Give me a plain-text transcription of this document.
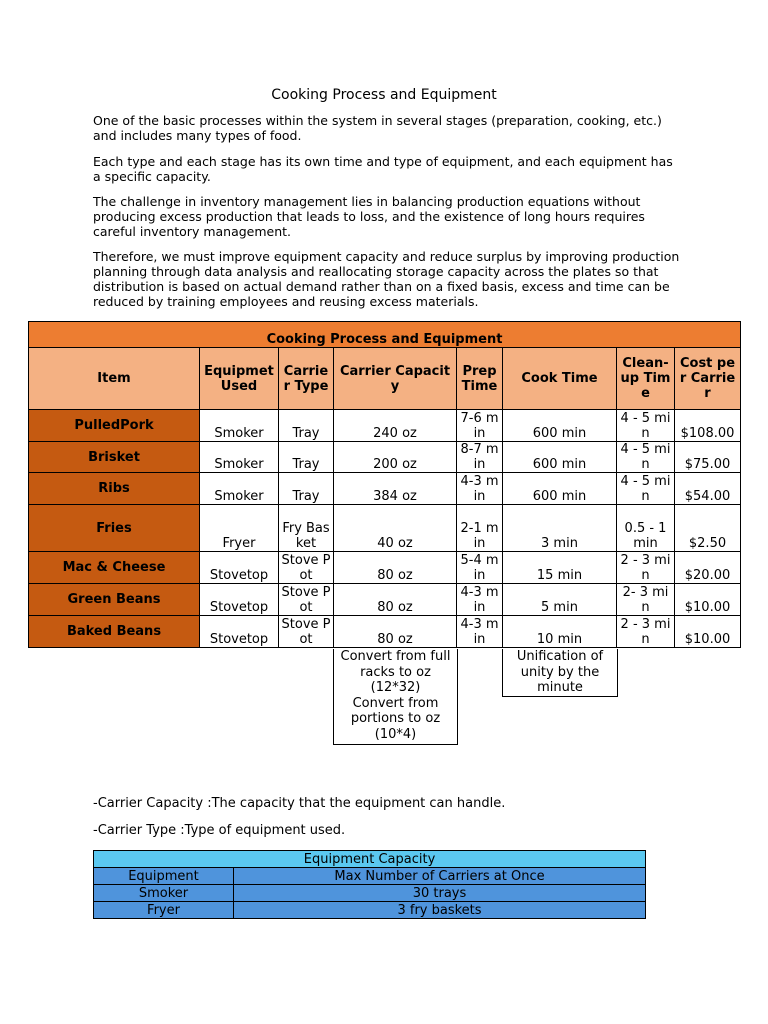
Cooking Process and Equipment

One of the basic processes within the system in several stages (preparation, cooking, etc.) and includes many types of food.

Each type and each stage has its own time and type of equipment, and each equipment has a specific capacity.

The challenge in inventory management lies in balancing production equations without producing excess production that leads to loss, and the existence of long hours requires careful inventory management.

Therefore, we must improve equipment capacity and reduce surplus by improving production planning through data analysis and reallocating storage capacity across the plates so that distribution is based on actual demand rather than on a fixed basis, excess and time can be reduced by training employees and reusing excess materials.

Cooking Process and Equipment							
Item	Equipmet Used	Carrier Type	Carrier Capacity	Prep Time	Cook Time	Clean-up Time	Cost per Carrier
PulledPork	Smoker	Tray	240 oz	7-6 min	600 min	4 - 5 min	$108.00
Brisket	Smoker	Tray	200 oz	8-7 min	600 min	4 - 5 min	$75.00
Ribs	Smoker	Tray	384 oz	4-3 min	600 min	4 - 5 min	$54.00
Fries	Fryer	Fry Basket	40 oz	2-1 min	3 min	0.5 - 1 min	$2.50
Mac & Cheese	Stovetop	Stove Pot	80 oz	5-4 min	15 min	2 - 3 min	$20.00
Green Beans	Stovetop	Stove Pot	80 oz	4-3 min	5 min	2- 3 min	$10.00
Baked Beans	Stovetop	Stove Pot	80 oz	4-3 min	10 min	2 - 3 min	$10.00
Convert from full racks to oz (12*32)
Convert from portions to oz (10*4)
Unification of unity by the minute
-Carrier Capacity :The capacity that the equipment can handle.
-Carrier Type :Type of equipment used.
Equipment Capacity	
Equipment	Max Number of Carriers at Once
Smoker	30 trays
Fryer	3 fry baskets
